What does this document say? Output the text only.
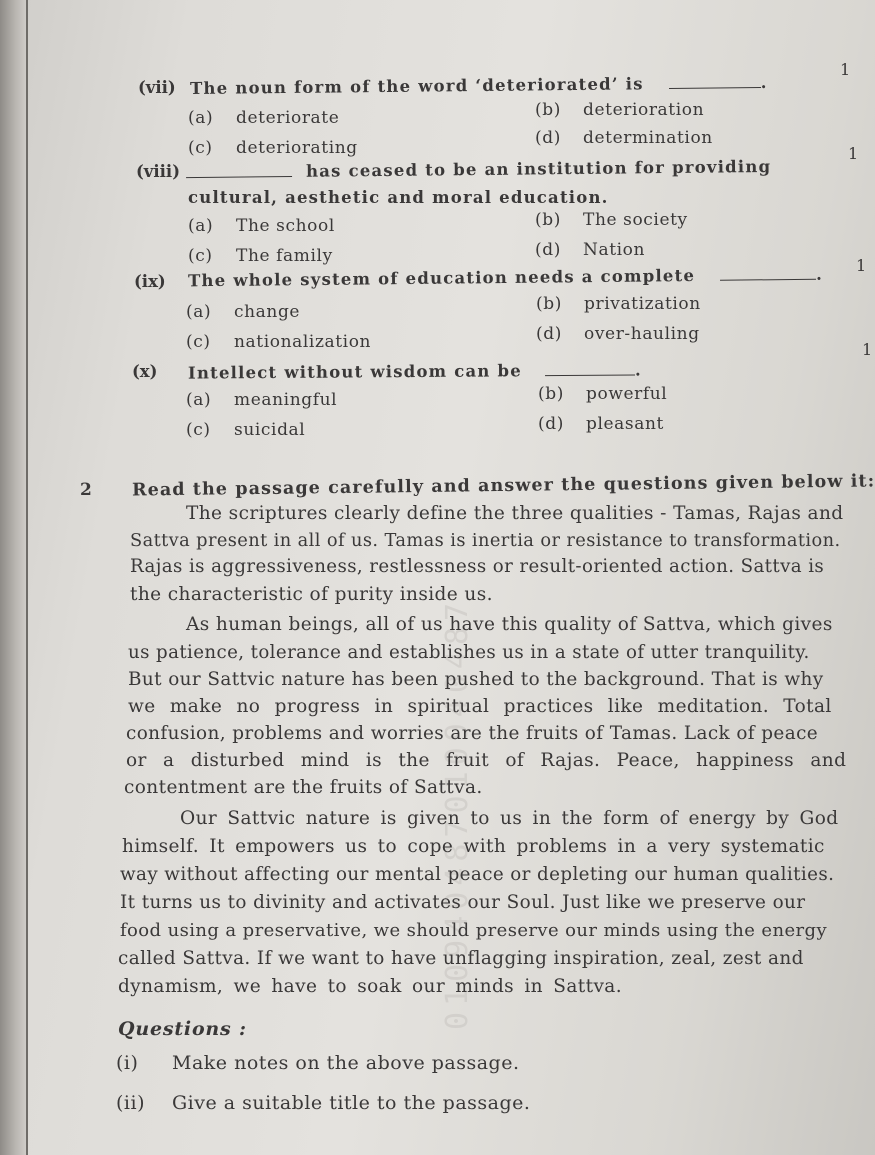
010940487010940487
(vii) The noun form of the word ‘deteriorated’ is	.
1
(a) deteriorate	(b) deterioration
(c) deteriorating	(d) determination
(viii)	has ceased to be an institution for providing
cultural, aesthetic and moral education.
1
(a) The school	(b) The society
(c) The family	(d) Nation
(ix) The whole system of education needs a complete	. 1
(a) change	(b) privatization
(c) nationalization	(d) over-hauling
(x) Intellect without wisdom can be	.
1
(a) meaningful	(b) powerful
(c) suicidal	(d) pleasant
2 Read the passage carefully and answer the questions given below it:
The scriptures clearly define the three qualities - Tamas, Rajas and
Sattva present in all of us. Tamas is inertia or resistance to transformation.
Rajas is aggressiveness, restlessness or result-oriented action. Sattva is
the characteristic of purity inside us.
As human beings, all of us have this quality of Sattva, which gives
us patience, tolerance and establishes us in a state of utter tranquility.
But our Sattvic nature has been pushed to the background. That is why
we make no progress in spiritual practices like meditation. Total
confusion, problems and worries are the fruits of Tamas. Lack of peace
or a disturbed mind is the fruit of Rajas. Peace, happiness and
contentment are the fruits of Sattva.
Our Sattvic nature is given to us in the form of energy by God
himself. It empowers us to cope with problems in a very systematic
way without affecting our mental peace or depleting our human qualities.
It turns us to divinity and activates our Soul. Just like we preserve our
food using a preservative, we should preserve our minds using the energy
called Sattva. If we want to have unflagging inspiration, zeal, zest and
dynamism, we have to soak our minds in Sattva.
Questions :
(i) Make notes on the above passage.
(ii) Give a suitable title to the passage.
